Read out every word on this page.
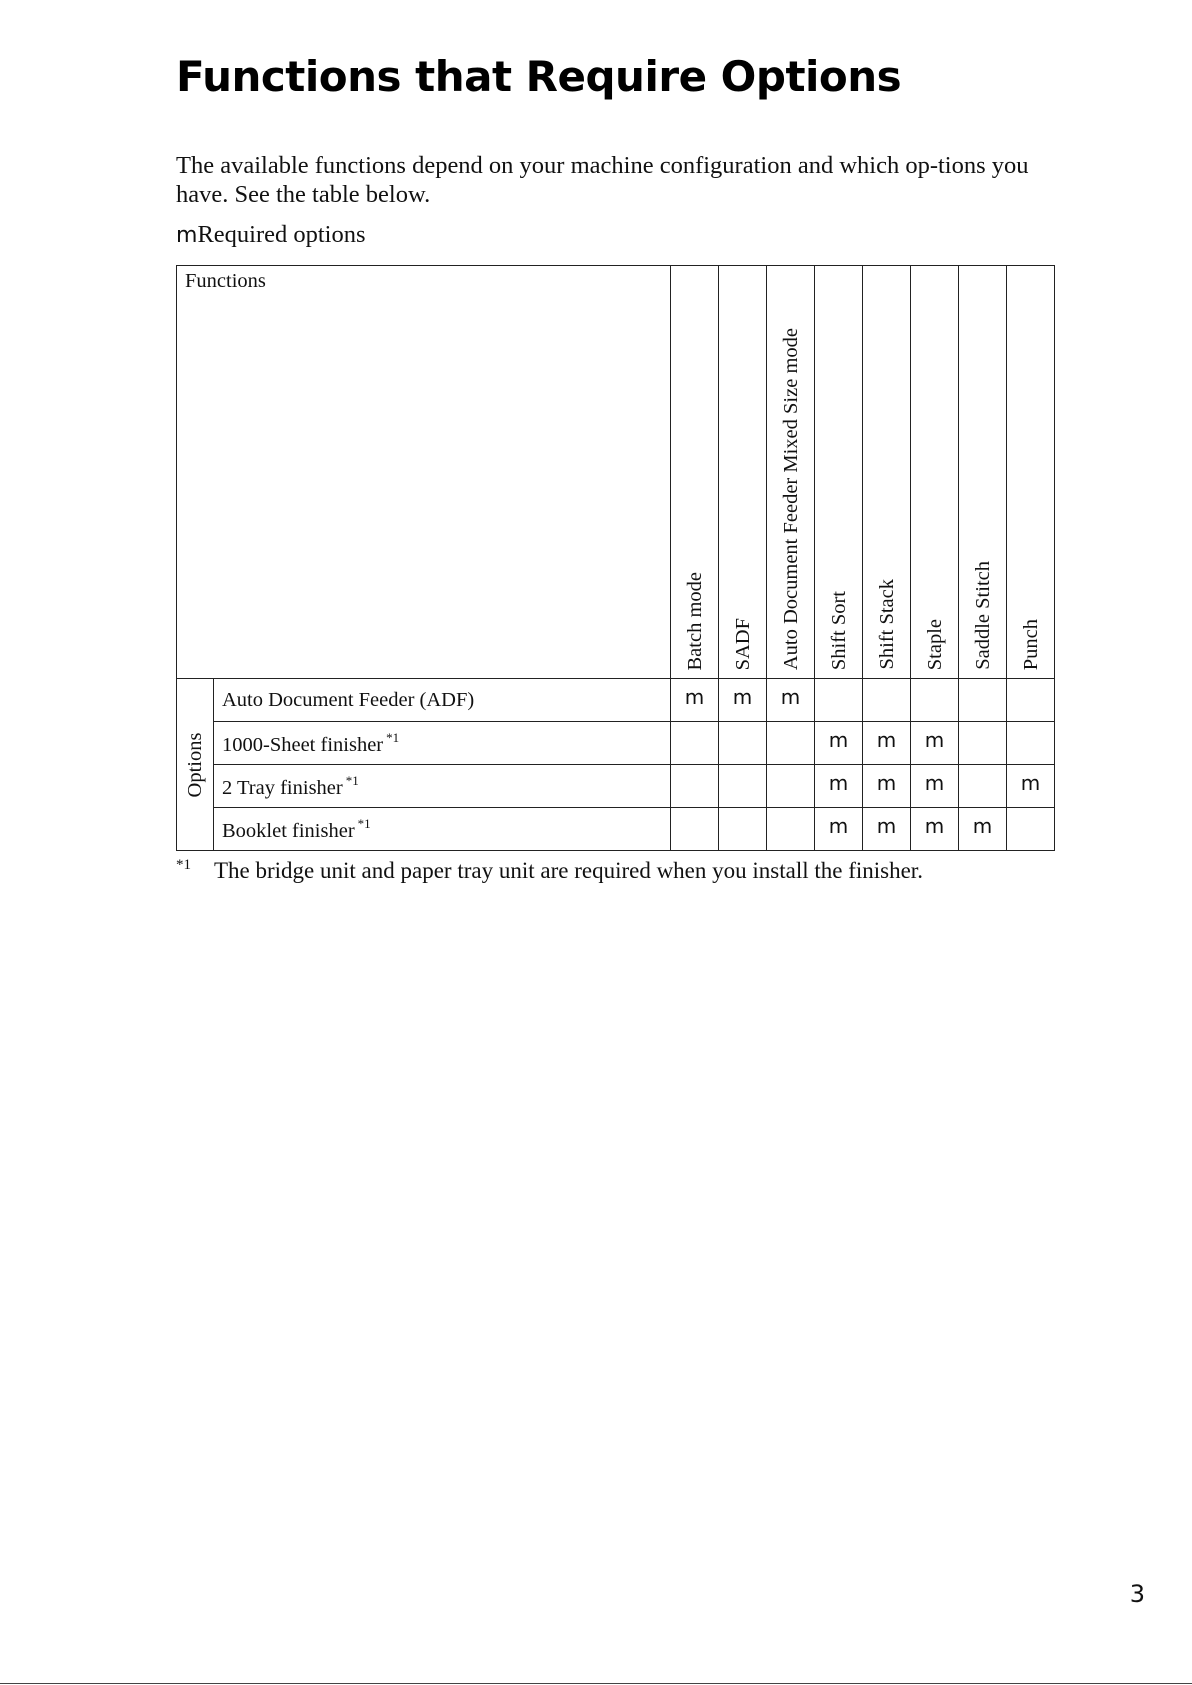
Functions that Require Options

The available functions depend on your machine configuration and which op-tions you have. See the table below.

mRequired options

Functions		Batch mode	SADF	Auto Document Feeder Mixed Size mode	Shift Sort	Shift Stack	Staple	Saddle Stitch	Punch

Options	Auto Document Feeder (ADF)	m	m	m					
	1000-Sheet finisher $^{*1}$				m	m	m		
	2 Tray finisher $^{*1}$				m	m	m		m
	Booklet finisher $^{*1}$				m	m	m	m	

*1 The bridge unit and paper tray unit are required when you install the finisher.

3
